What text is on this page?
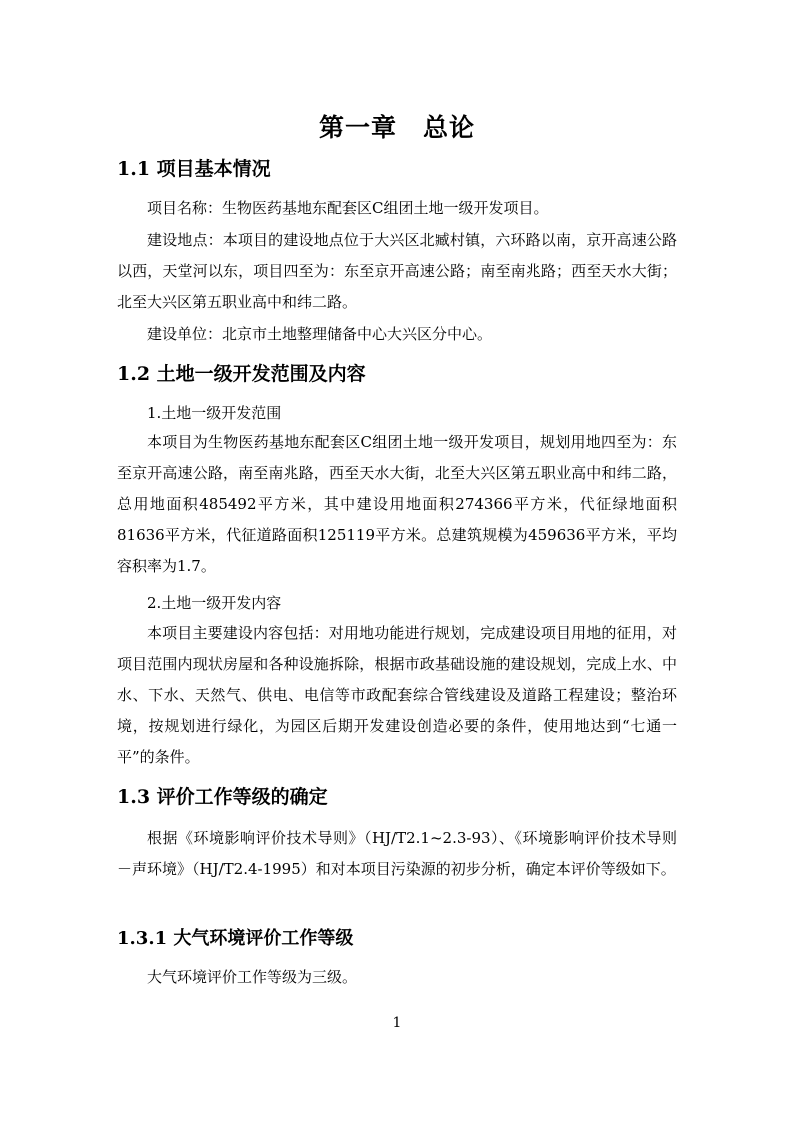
第一章　总论
1.1 项目基本情况
项目名称：生物医药基地东配套区C组团土地一级开发项目。
建设地点：本项目的建设地点位于大兴区北臧村镇，六环路以南，京开高速公路以西，天堂河以东，项目四至为：东至京开高速公路；南至南兆路；西至天水大街；北至大兴区第五职业高中和纬二路。
建设单位：北京市土地整理储备中心大兴区分中心。
1.2 土地一级开发范围及内容
1.土地一级开发范围
本项目为生物医药基地东配套区C组团土地一级开发项目，规划用地四至为：东至京开高速公路，南至南兆路，西至天水大街，北至大兴区第五职业高中和纬二路，总用地面积485492平方米，其中建设用地面积274366平方米，代征绿地面积81636平方米，代征道路面积125119平方米。总建筑规模为459636平方米，平均容积率为1.7。
2.土地一级开发内容
本项目主要建设内容包括：对用地功能进行规划，完成建设项目用地的征用，对项目范围内现状房屋和各种设施拆除，根据市政基础设施的建设规划，完成上水、中水、下水、天然气、供电、电信等市政配套综合管线建设及道路工程建设；整治环境，按规划进行绿化，为园区后期开发建设创造必要的条件，使用地达到“七通一平”的条件。
1.3 评价工作等级的确定
根据《环境影响评价技术导则》（HJ/T2.1~2.3-93）、《环境影响评价技术导则－声环境》（HJ/T2.4-1995）和对本项目污染源的初步分析，确定本评价等级如下。
1.3.1 大气环境评价工作等级
大气环境评价工作等级为三级。
1
